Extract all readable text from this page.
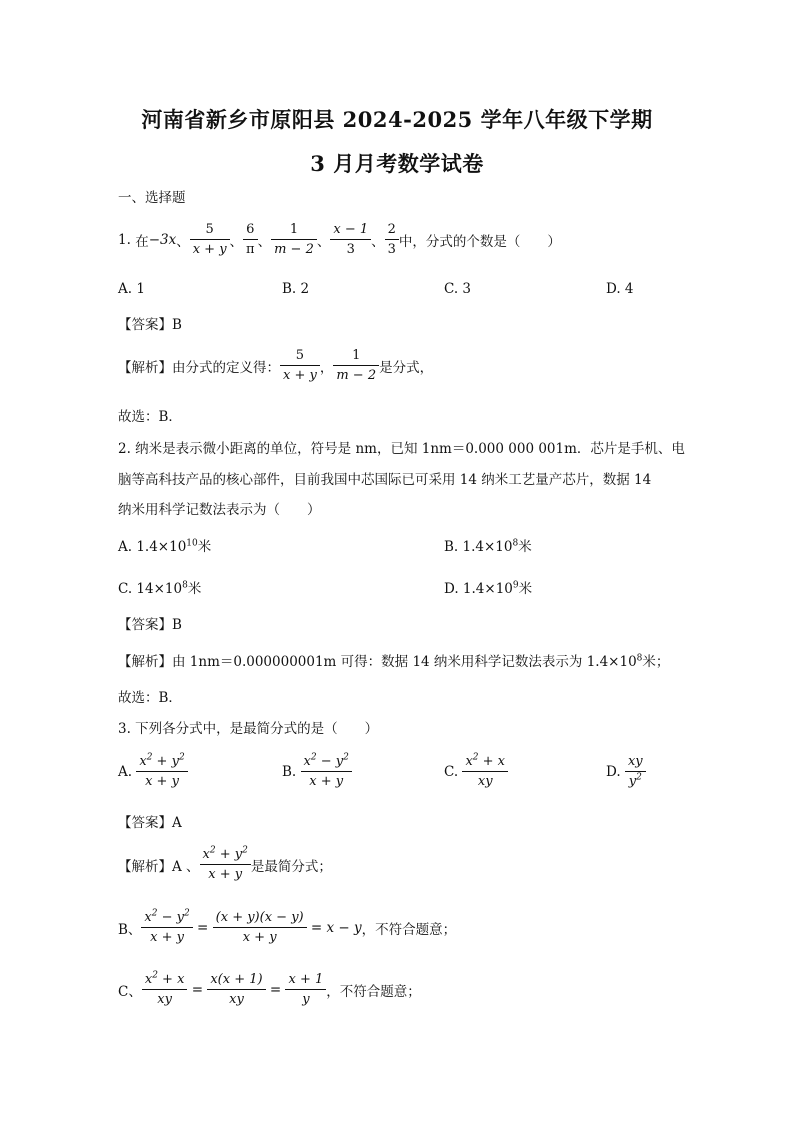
河南省新乡市原阳县 2024-2025 学年八年级下学期
3 月月考数学试卷
一、选择题
1.
在 −3x 、 $\frac{5}{x + y}$ 、 $\frac{6}{\pi}$ 、 $\frac{1}{m - 2}$ 、 $\frac{x - 1}{3}$ 、 $\frac{2}{3}$ 中，分式的个数是（　　）
A. 1	B. 2	C. 3	D. 4
【答案】B
【解析】 由分式的定义得： $\frac{5}{x + y}$ ， $\frac{1}{m - 2}$ 是分式，
故选：B．
2. 纳米是表示微小距离的单位，符号是 nm，已知 1nm＝0.000 000 001m．芯片是手机、电
脑等高科技产品的核心部件，目前我国中芯国际已可采用 14 纳米工艺量产芯片，数据 14
纳米用科学记数法表示为（　　）
A. $1.4\times 10^{10}$米	B. $1.4\times 10^8$米
C. $14\times 10^8$米	D. $1.4\times 10^9$米
【答案】B
【解析】由 1nm＝0.000000001m 可得：数据 14 纳米用科学记数法表示为 $1.4\times 10^8$米；
故选：B．
3. 下列各分式中，是最简分式的是（　　）
A.
$\frac{x^2 + y^2}{x + y}$	B.
$\frac{x^2 - y^2}{x + y}$	C.
$\frac{x^2 + x}{xy}$	D.
$\frac{xy}{y^2}$
【答案】A
【解析】A 、 $\frac{x^2 + y^2}{x + y}$ 是最简分式；
B、 $\frac{x^2 - y^2}{x + y} = \frac{(x + y)(x - y)}{x + y} = x - y$ ，不符合题意；
C、 $\frac{x^2 + x}{xy} = \frac{x(x + 1)}{xy} = \frac{x + 1}{y}$ ，不符合题意；
